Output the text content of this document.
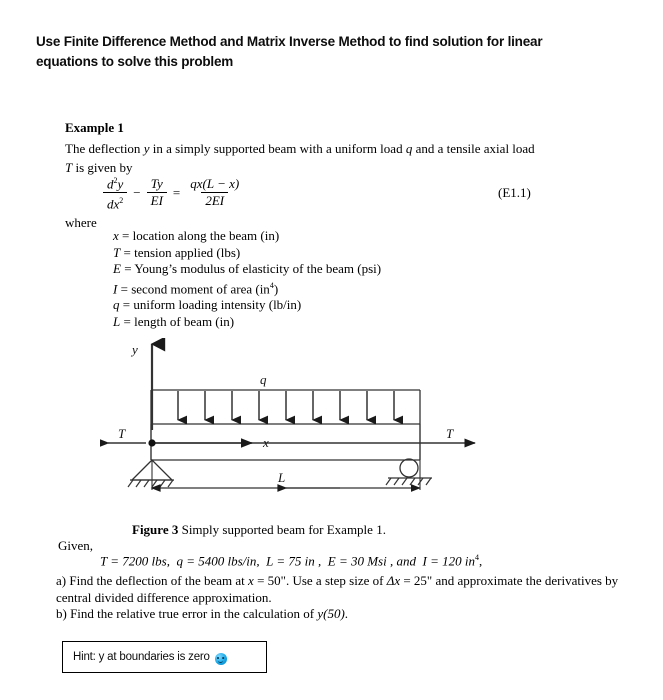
Use Finite Difference Method and Matrix Inverse Method to find solution for linear equations to solve this problem
Example 1
The deflection y in a simply supported beam with a uniform load q and a tensile axial load
T is given by
$\frac{d^2y}{dx^2} - \frac{Ty}{EI} = \frac{qx(L - x)}{2EI}$	(E1.1)
where
x = location along the beam (in)
T = tension applied (lbs)
E = Young’s modulus of elasticity of the beam (psi)
I = second moment of area $(in^4)$
q = uniform loading intensity (lb/in)
L = length of beam (in)
q
x
y
T	T
L
Figure 3 Simply supported beam for Example 1.
Given,
T = 7200 lbs, q = 5400 lbs/in, L = 75 in , E = 30 Msi , and I = 120 $in^4$,
a) Find the deflection of the beam at x = 50". Use a step size of Δx = 25" and approximate the derivatives by central divided difference approximation.
b) Find the relative true error in the calculation of y(50).
Hint: y at boundaries is zero
